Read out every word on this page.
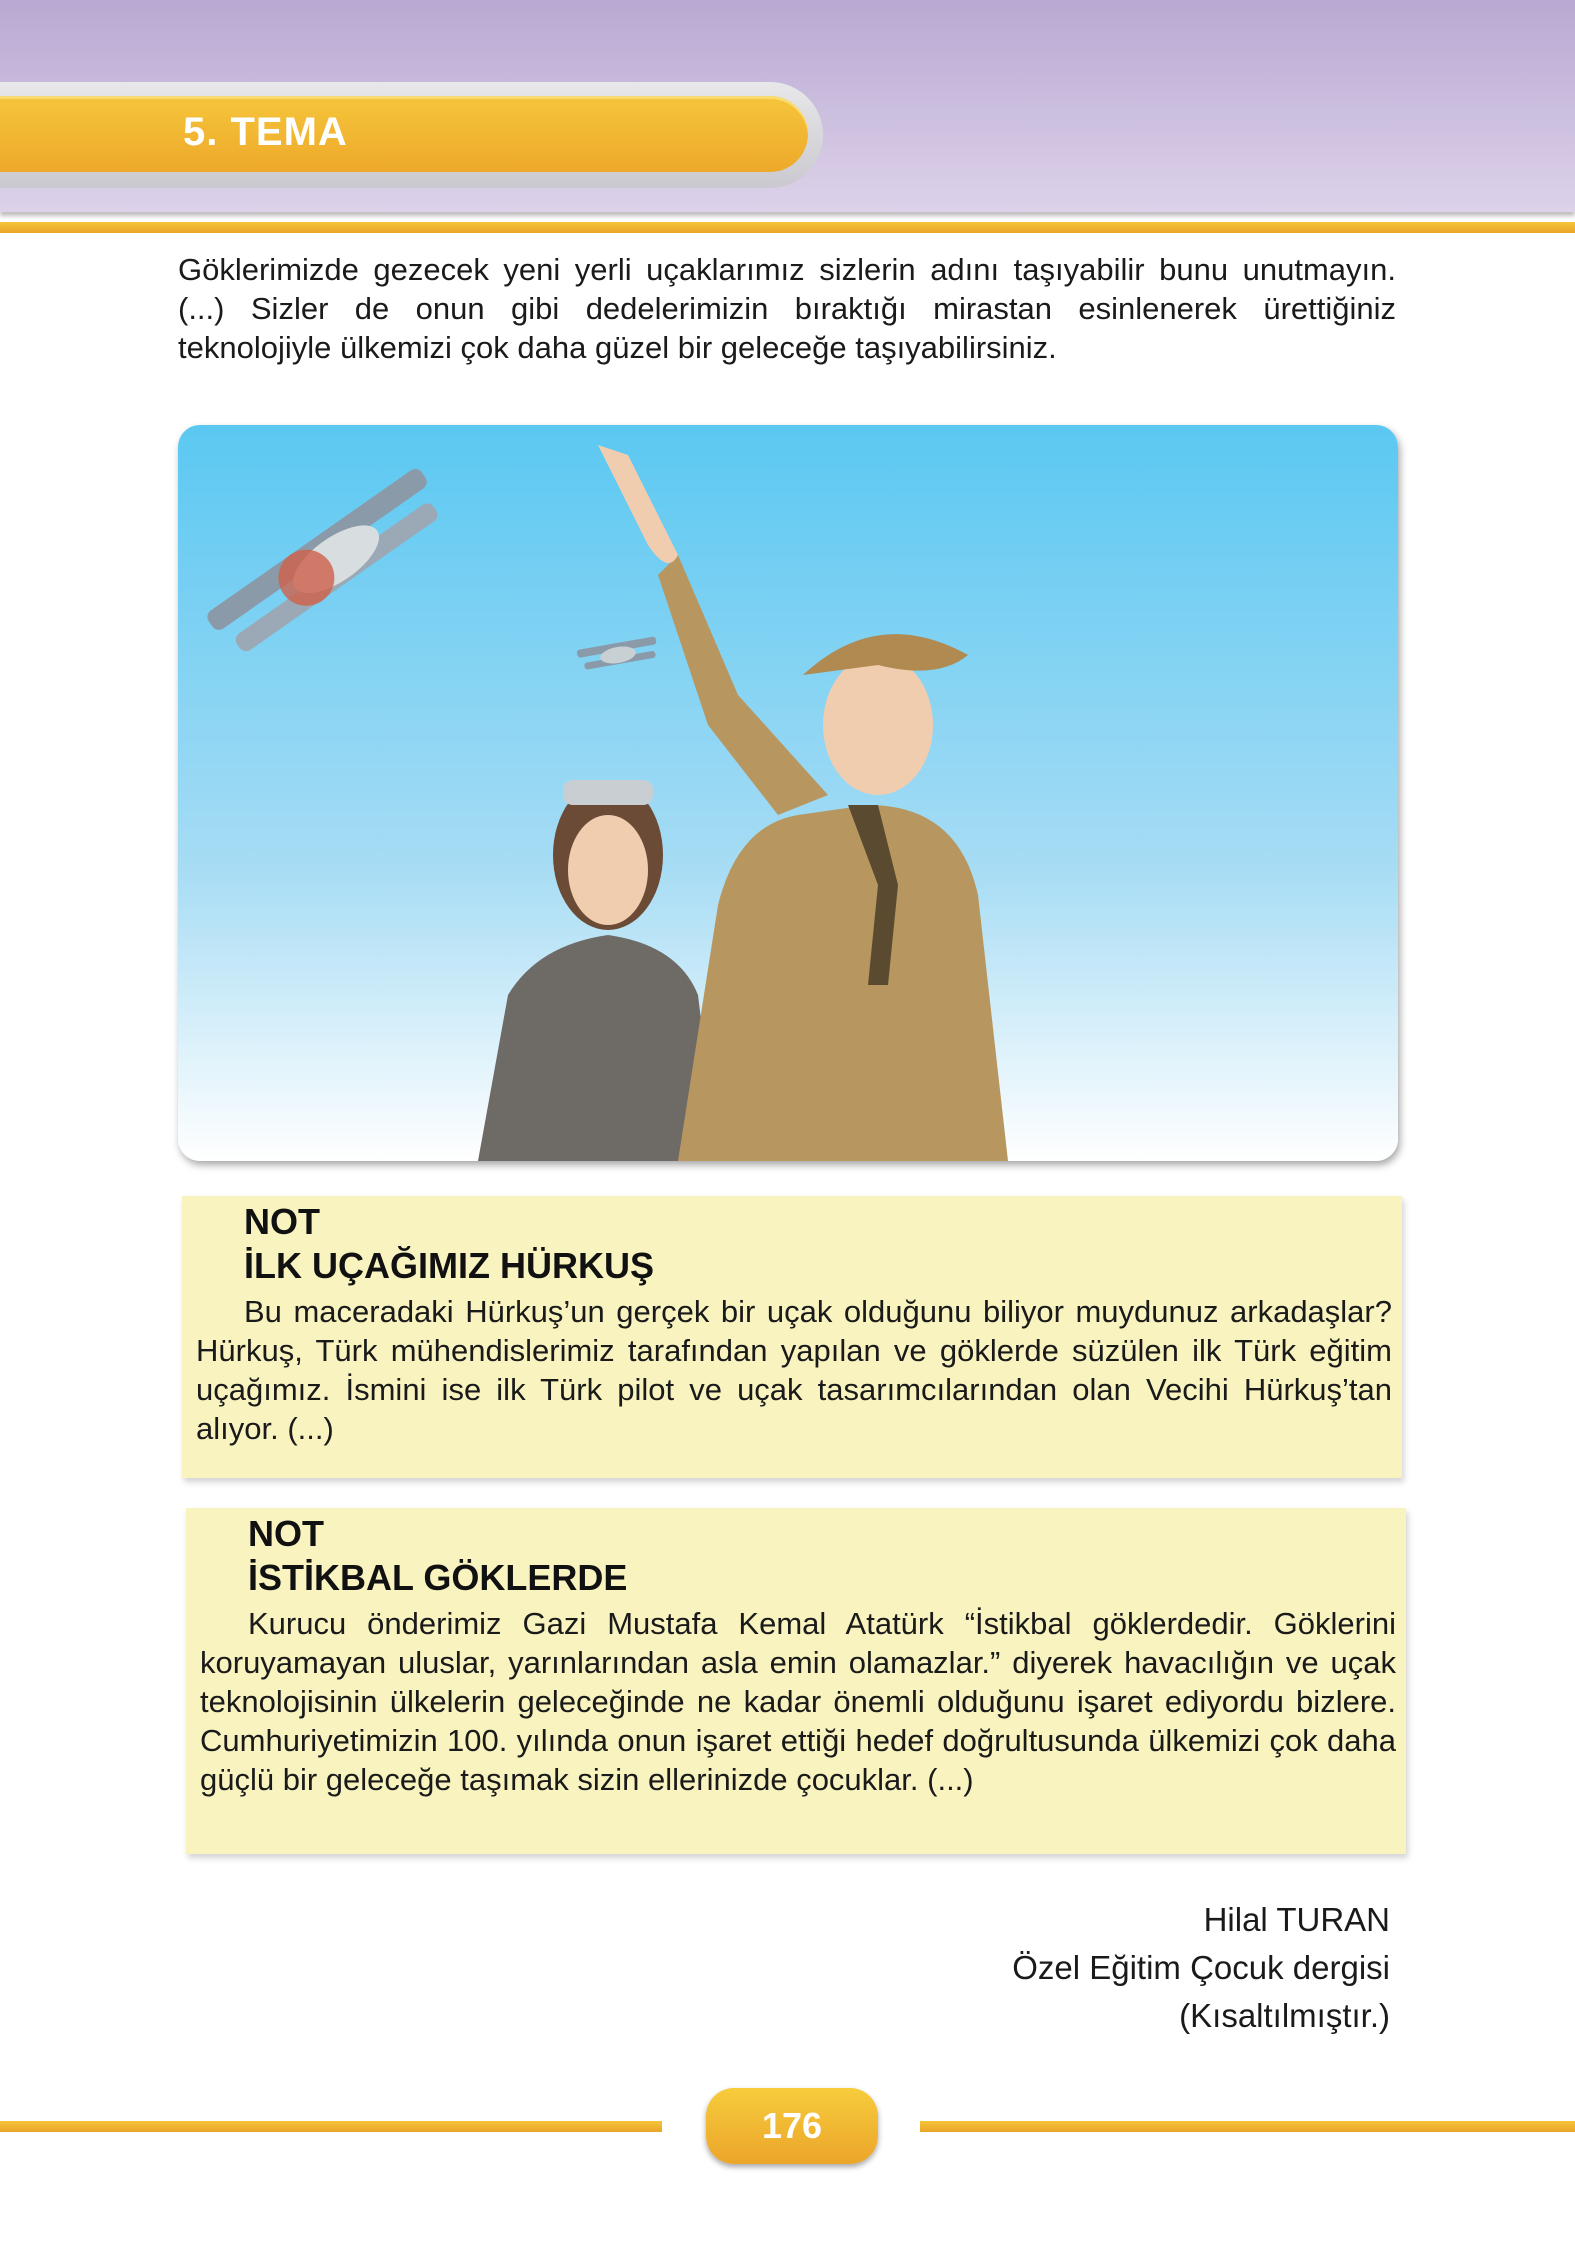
5. TEMA

Göklerimizde gezecek yeni yerli uçaklarımız sizlerin adını taşıyabilir bunu unutmayın. (...) Sizler de onun gibi dedelerimizin bıraktığı mirastan esinlenerek ürettiğiniz teknolojiyle ülkemizi çok daha güzel bir geleceğe taşıyabilirsiniz.

NOT
İLK UÇAĞIMIZ HÜRKUŞ
Bu maceradaki Hürkuş’un gerçek bir uçak olduğunu biliyor muydunuz arkadaşlar? Hürkuş, Türk mühendislerimiz tarafından yapılan ve göklerde süzülen ilk Türk eğitim uçağımız. İsmini ise ilk Türk pilot ve uçak tasarımcılarından olan Vecihi Hürkuş’tan alıyor. (...)
NOT
İSTİKBAL GÖKLERDE
Kurucu önderimiz Gazi Mustafa Kemal Atatürk “İstikbal göklerdedir. Göklerini koruyamayan uluslar, yarınlarından asla emin olamazlar.” diyerek havacılığın ve uçak teknolojisinin ülkelerin geleceğinde ne kadar önemli olduğunu işaret ediyordu bizlere. Cumhuriyetimizin 100. yılında onun işaret ettiği hedef doğrultusunda ülkemizi çok daha güçlü bir geleceğe taşımak sizin ellerinizde çocuklar. (...)
Hilal TURAN
Özel Eğitim Çocuk dergisi
(Kısaltılmıştır.)
176
